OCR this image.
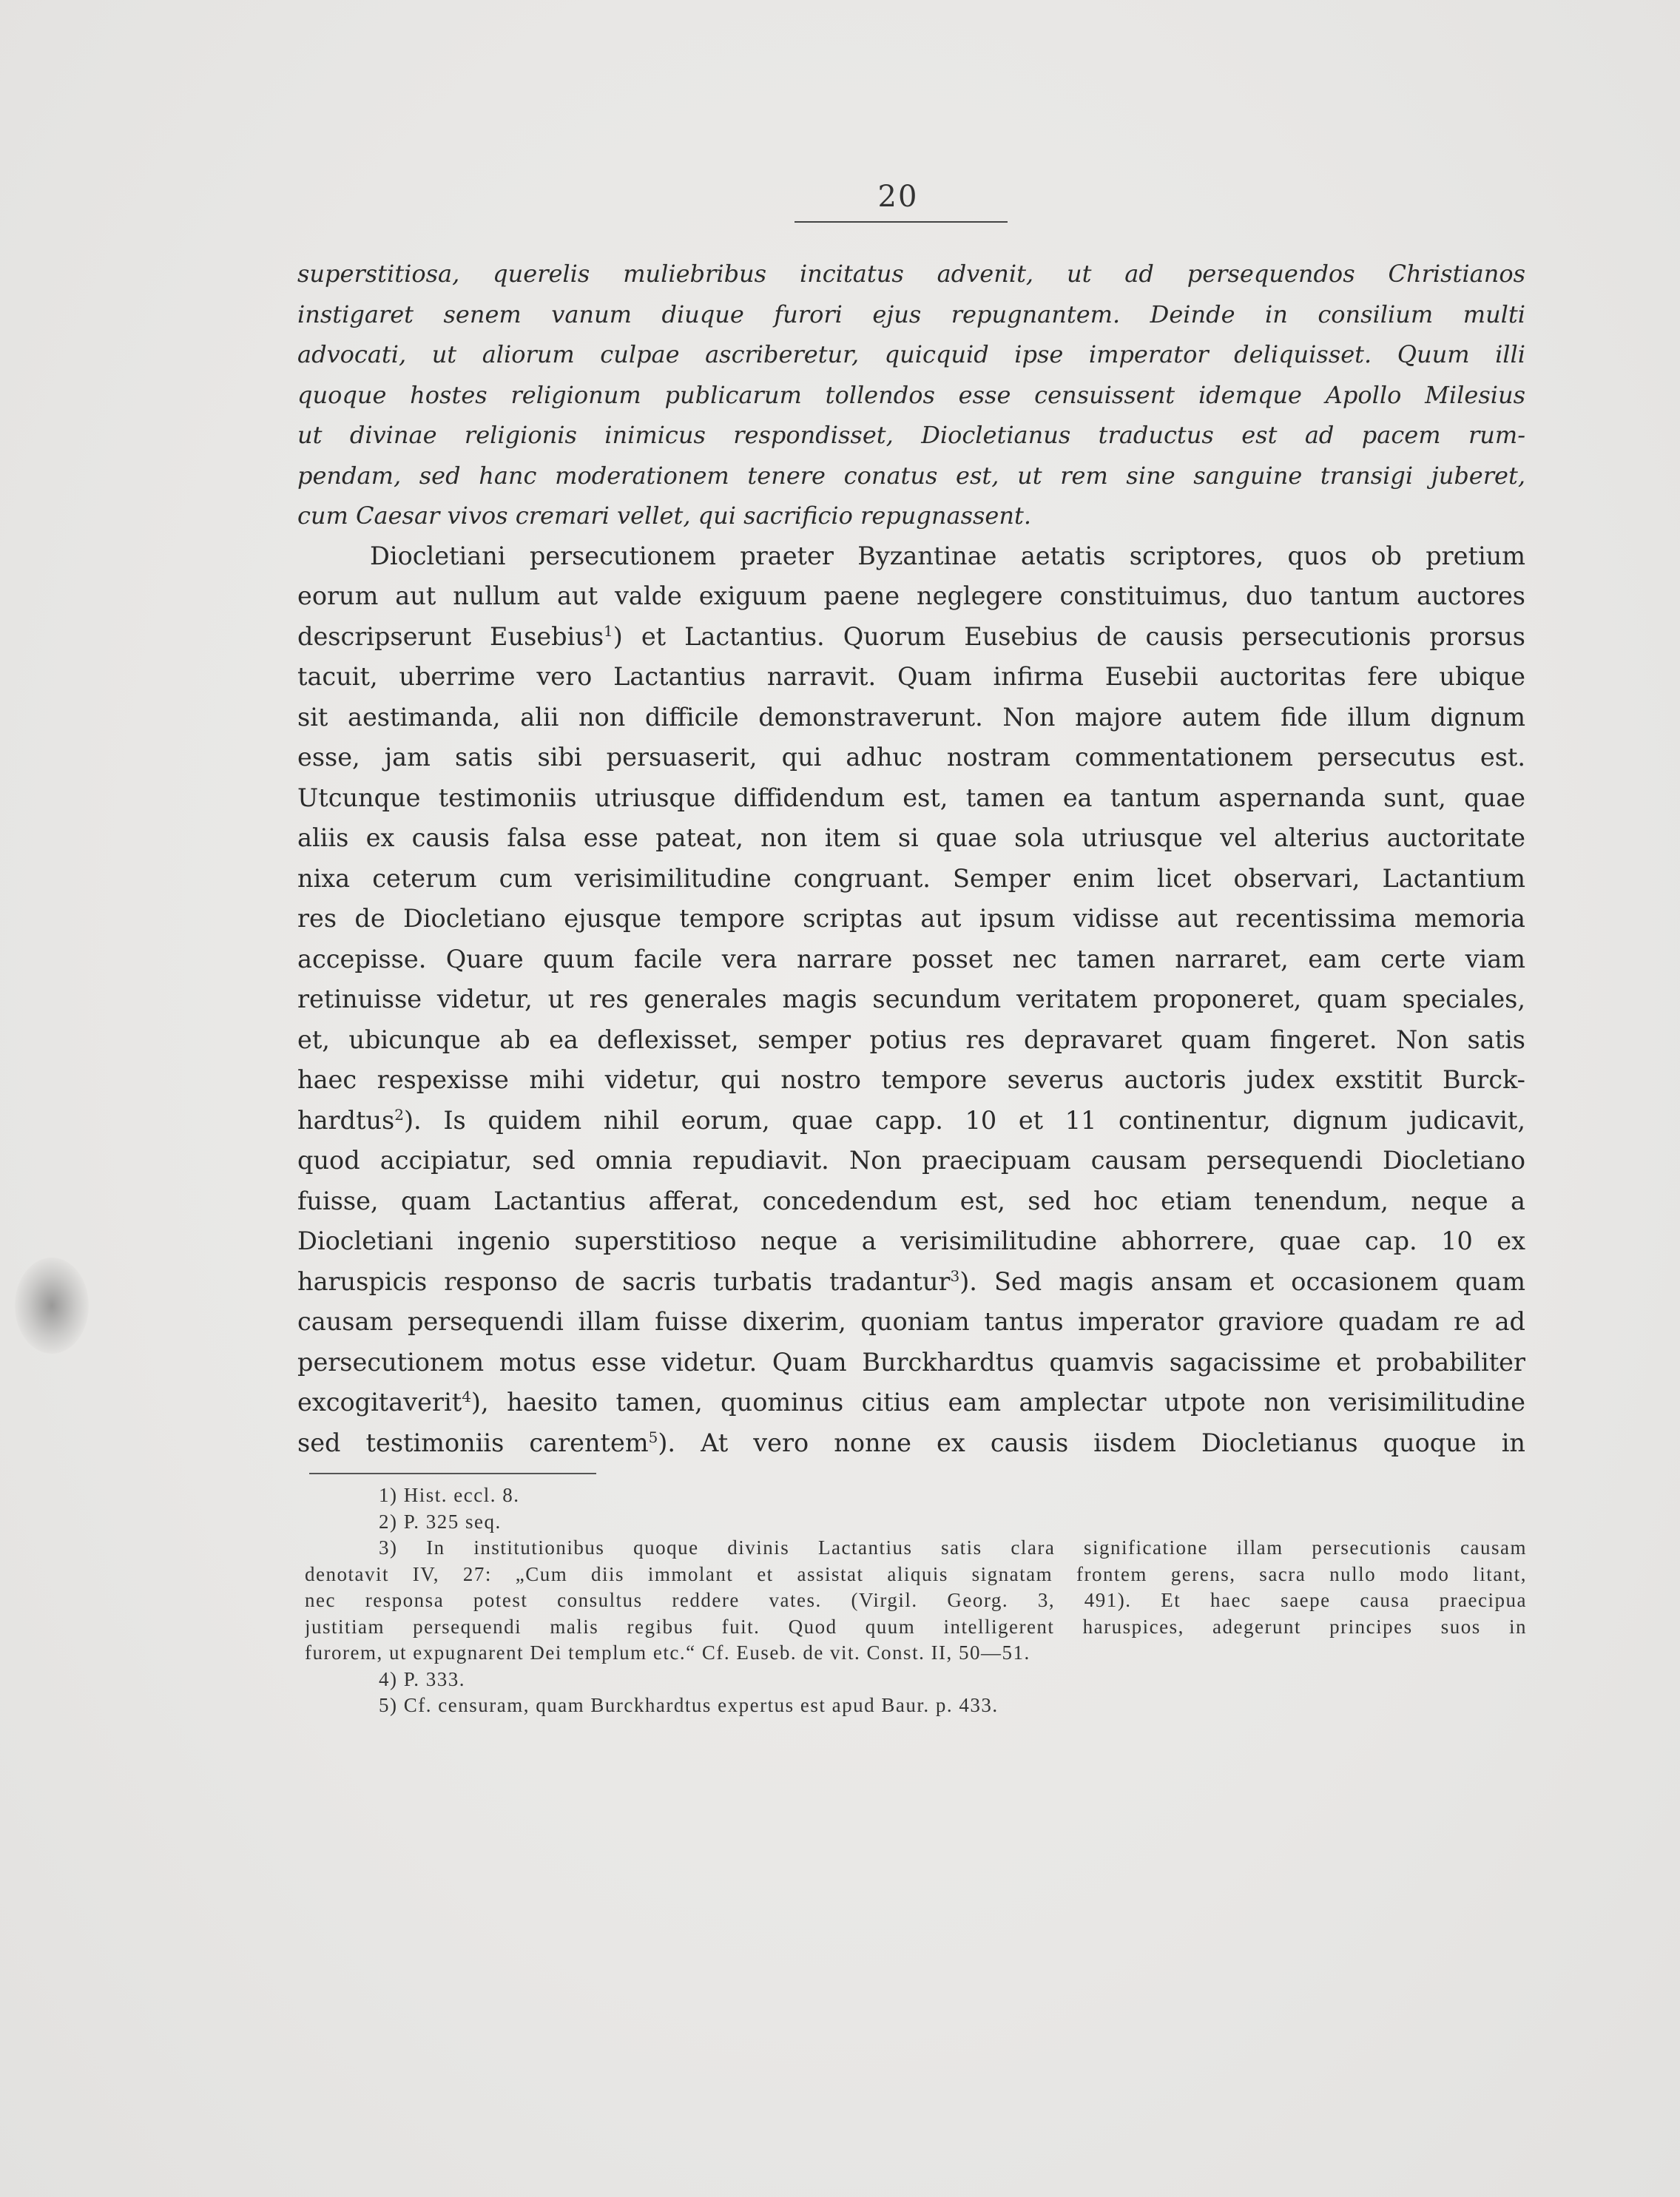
20
superstitiosa, querelis muliebribus incitatus advenit, ut ad persequendos Christianos
instigaret senem vanum diuque furori ejus repugnantem. Deinde in consilium multi
advocati, ut aliorum culpae ascriberetur, quicquid ipse imperator deliquisset. Quum illi
quoque hostes religionum publicarum tollendos esse censuissent idemque Apollo Milesius
ut divinae religionis inimicus respondisset, Diocletianus traductus est ad pacem rum-
pendam, sed hanc moderationem tenere conatus est, ut rem sine sanguine transigi juberet,
cum Caesar vivos cremari vellet, qui sacrificio repugnassent.
Diocletiani persecutionem praeter Byzantinae aetatis scriptores, quos ob pretium
eorum aut nullum aut valde exiguum paene neglegere constituimus, duo tantum auctores
descripserunt Eusebius$^1$) et Lactantius. Quorum Eusebius de causis persecutionis prorsus
tacuit, uberrime vero Lactantius narravit. Quam infirma Eusebii auctoritas fere ubique
sit aestimanda, alii non difficile demonstraverunt. Non majore autem fide illum dignum
esse, jam satis sibi persuaserit, qui adhuc nostram commentationem persecutus est.
Utcunque testimoniis utriusque diffidendum est, tamen ea tantum aspernanda sunt, quae
aliis ex causis falsa esse pateat, non item si quae sola utriusque vel alterius auctoritate
nixa ceterum cum verisimilitudine congruant. Semper enim licet observari, Lactantium
res de Diocletiano ejusque tempore scriptas aut ipsum vidisse aut recentissima memoria
accepisse. Quare quum facile vera narrare posset nec tamen narraret, eam certe viam
retinuisse videtur, ut res generales magis secundum veritatem proponeret, quam speciales,
et, ubicunque ab ea deflexisset, semper potius res depravaret quam fingeret. Non satis
haec respexisse mihi videtur, qui nostro tempore severus auctoris judex exstitit Burck-
hardtus$^2$). Is quidem nihil eorum, quae capp. 10 et 11 continentur, dignum judicavit,
quod accipiatur, sed omnia repudiavit. Non praecipuam causam persequendi Diocletiano
fuisse, quam Lactantius afferat, concedendum est, sed hoc etiam tenendum, neque a
Diocletiani ingenio superstitioso neque a verisimilitudine abhorrere, quae cap. 10 ex
haruspicis responso de sacris turbatis tradantur$^3$). Sed magis ansam et occasionem quam
causam persequendi illam fuisse dixerim, quoniam tantus imperator graviore quadam re ad
persecutionem motus esse videtur. Quam Burckhardtus quamvis sagacissime et probabiliter
excogitaverit$^4$), haesito tamen, quominus citius eam amplectar utpote non verisimilitudine
sed testimoniis carentem$^5$). At vero nonne ex causis iisdem Diocletianus quoque in
1) Hist. eccl. 8.
2) P. 325 seq.
3) In institutionibus quoque divinis Lactantius satis clara significatione illam persecutionis causam
denotavit IV, 27: „Cum diis immolant et assistat aliquis signatam frontem gerens, sacra nullo modo litant,
nec responsa potest consultus reddere vates. (Virgil. Georg. 3, 491). Et haec saepe causa praecipua
justitiam persequendi malis regibus fuit. Quod quum intelligerent haruspices, adegerunt principes suos in
furorem, ut expugnarent Dei templum etc.“ Cf. Euseb. de vit. Const. II, 50—51.
4) P. 333.
5) Cf. censuram, quam Burckhardtus expertus est apud Baur. p. 433.
